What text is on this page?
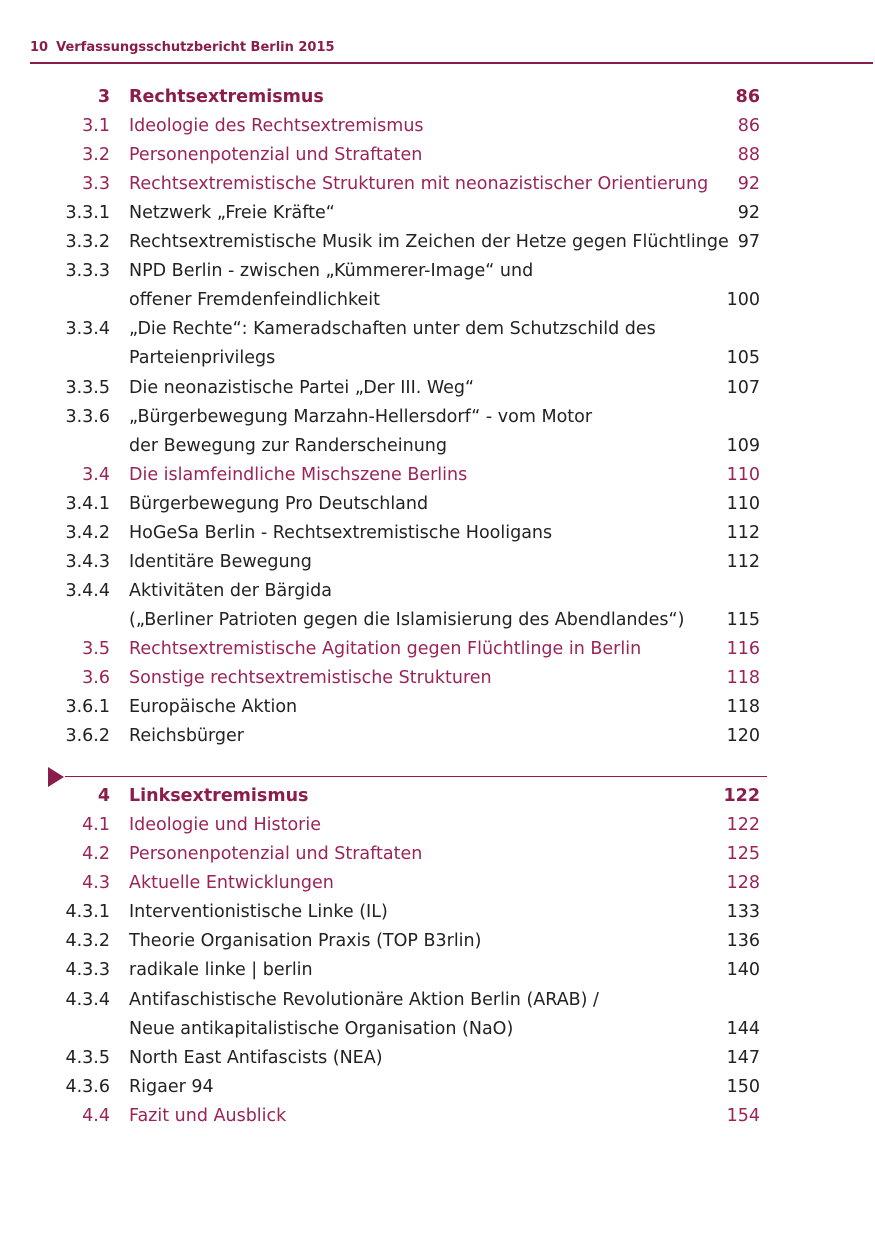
10 Verfassungsschutzbericht Berlin 2015
3 Rechtsextremismus	86
3.1 Ideologie des Rechtsextremismus	86
3.2 Personenpotenzial und Straftaten	88
3.3 Rechtsextremistische Strukturen mit neonazistischer Orientierung 92
3.3.1 Netzwerk „Freie Kräfte“	92
3.3.2 Rechtsextremistische Musik im Zeichen der Hetze gegen Flüchtlinge 97
3.3.3 NPD Berlin - zwischen „Kümmerer-Image“ und
offener Fremdenfeindlichkeit	100
3.3.4 „Die Rechte“: Kameradschaften unter dem Schutzschild des
Parteienprivilegs	105
3.3.5 Die neonazistische Partei „Der III. Weg“	107
3.3.6 „Bürgerbewegung Marzahn-Hellersdorf“ - vom Motor
der Bewegung zur Randerscheinung	109
3.4 Die islamfeindliche Mischszene Berlins	110
3.4.1 Bürgerbewegung Pro Deutschland	110
3.4.2 HoGeSa Berlin - Rechtsextremistische Hooligans	112
3.4.3 Identitäre Bewegung	112
3.4.4 Aktivitäten der Bärgida
(„Berliner Patrioten gegen die Islamisierung des Abendlandes“) 115
3.5 Rechtsextremistische Agitation gegen Flüchtlinge in Berlin	116
3.6 Sonstige rechtsextremistische Strukturen	118
3.6.1 Europäische Aktion	118
3.6.2 Reichsbürger	120
4 Linksextremismus	122
4.1 Ideologie und Historie	122
4.2 Personenpotenzial und Straftaten	125
4.3 Aktuelle Entwicklungen	128
4.3.1 Interventionistische Linke (IL)	133
4.3.2 Theorie Organisation Praxis (TOP B3rlin)	136
4.3.3 radikale linke | berlin	140
4.3.4 Antifaschistische Revolutionäre Aktion Berlin (ARAB) /
Neue antikapitalistische Organisation (NaO)	144
4.3.5 North East Antifascists (NEA)	147
4.3.6 Rigaer 94	150
4.4 Fazit und Ausblick	154
